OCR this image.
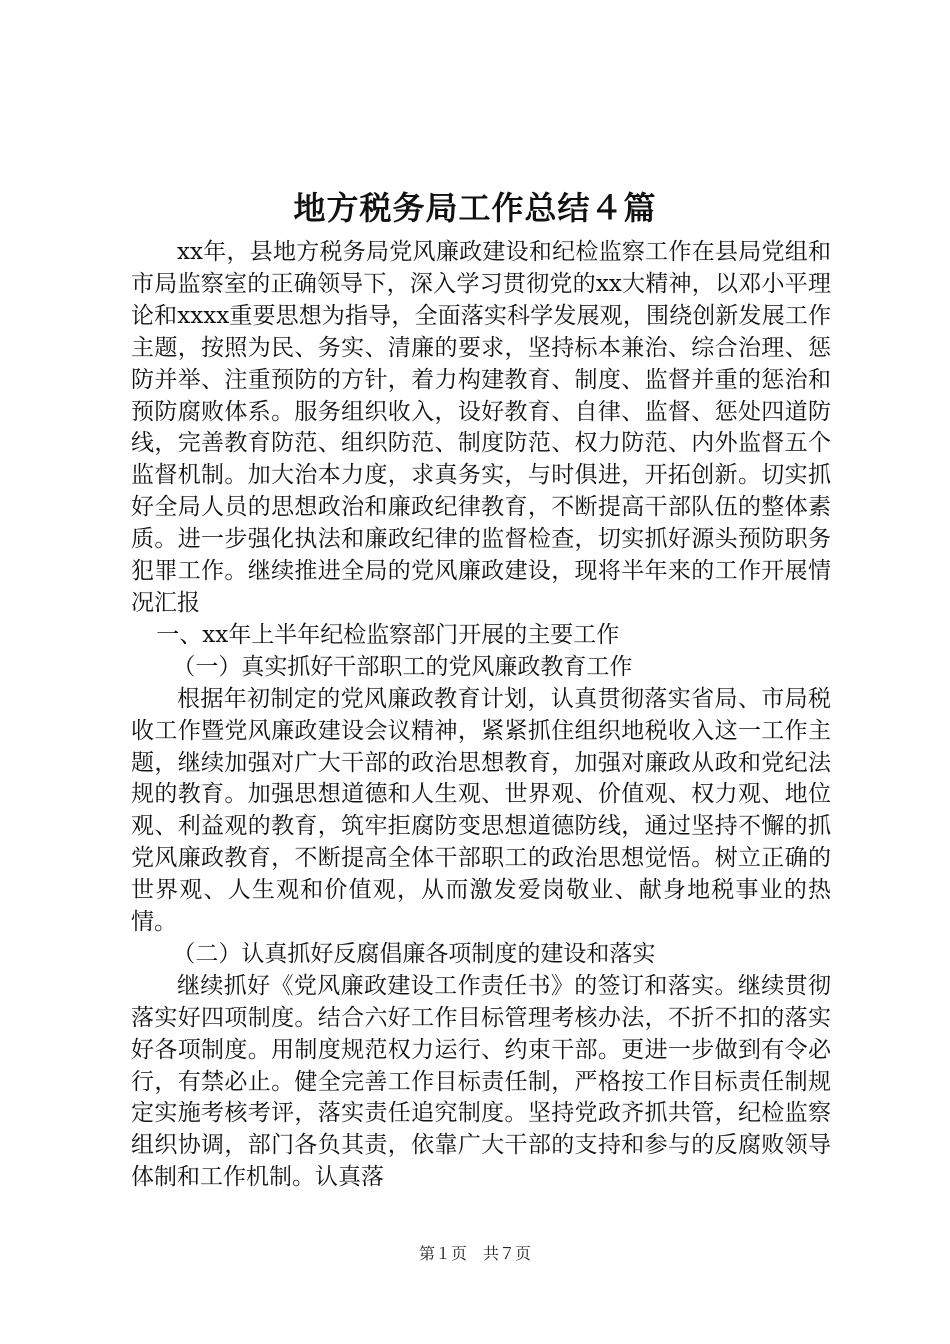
地方税务局工作总结４篇

xx年，县地方税务局党风廉政建设和纪检监察工作在县局党组和市局监察室的正确领导下，深入学习贯彻党的xx大精神，以邓小平理论和xxxx重要思想为指导，全面落实科学发展观，围绕创新发展工作主题，按照为民、务实、清廉的要求，坚持标本兼治、综合治理、惩防并举、注重预防的方针，着力构建教育、制度、监督并重的惩治和预防腐败体系。服务组织收入，设好教育、自律、监督、惩处四道防线，完善教育防范、组织防范、制度防范、权力防范、内外监督五个监督机制。加大治本力度，求真务实，与时俱进，开拓创新。切实抓好全局人员的思想政治和廉政纪律教育，不断提高干部队伍的整体素质。进一步强化执法和廉政纪律的监督检查，切实抓好源头预防职务犯罪工作。继续推进全局的党风廉政建设，现将半年来的工作开展情况汇报

一、xx年上半年纪检监察部门开展的主要工作

（一）真实抓好干部职工的党风廉政教育工作

根据年初制定的党风廉政教育计划，认真贯彻落实省局、市局税收工作暨党风廉政建设会议精神，紧紧抓住组织地税收入这一工作主题，继续加强对广大干部的政治思想教育，加强对廉政从政和党纪法规的教育。加强思想道德和人生观、世界观、价值观、权力观、地位观、利益观的教育，筑牢拒腐防变思想道德防线，通过坚持不懈的抓党风廉政教育，不断提高全体干部职工的政治思想觉悟。树立正确的世界观、人生观和价值观，从而激发爱岗敬业、献身地税事业的热情。

（二）认真抓好反腐倡廉各项制度的建设和落实

继续抓好《党风廉政建设工作责任书》的签订和落实。继续贯彻落实好四项制度。结合六好工作目标管理考核办法，不折不扣的落实好各项制度。用制度规范权力运行、约束干部。更进一步做到有令必行，有禁必止。健全完善工作目标责任制，严格按工作目标责任制规定实施考核考评，落实责任追究制度。坚持党政齐抓共管，纪检监察组织协调，部门各负其责，依靠广大干部的支持和参与的反腐败领导体制和工作机制。认真落

第１页　共７页
